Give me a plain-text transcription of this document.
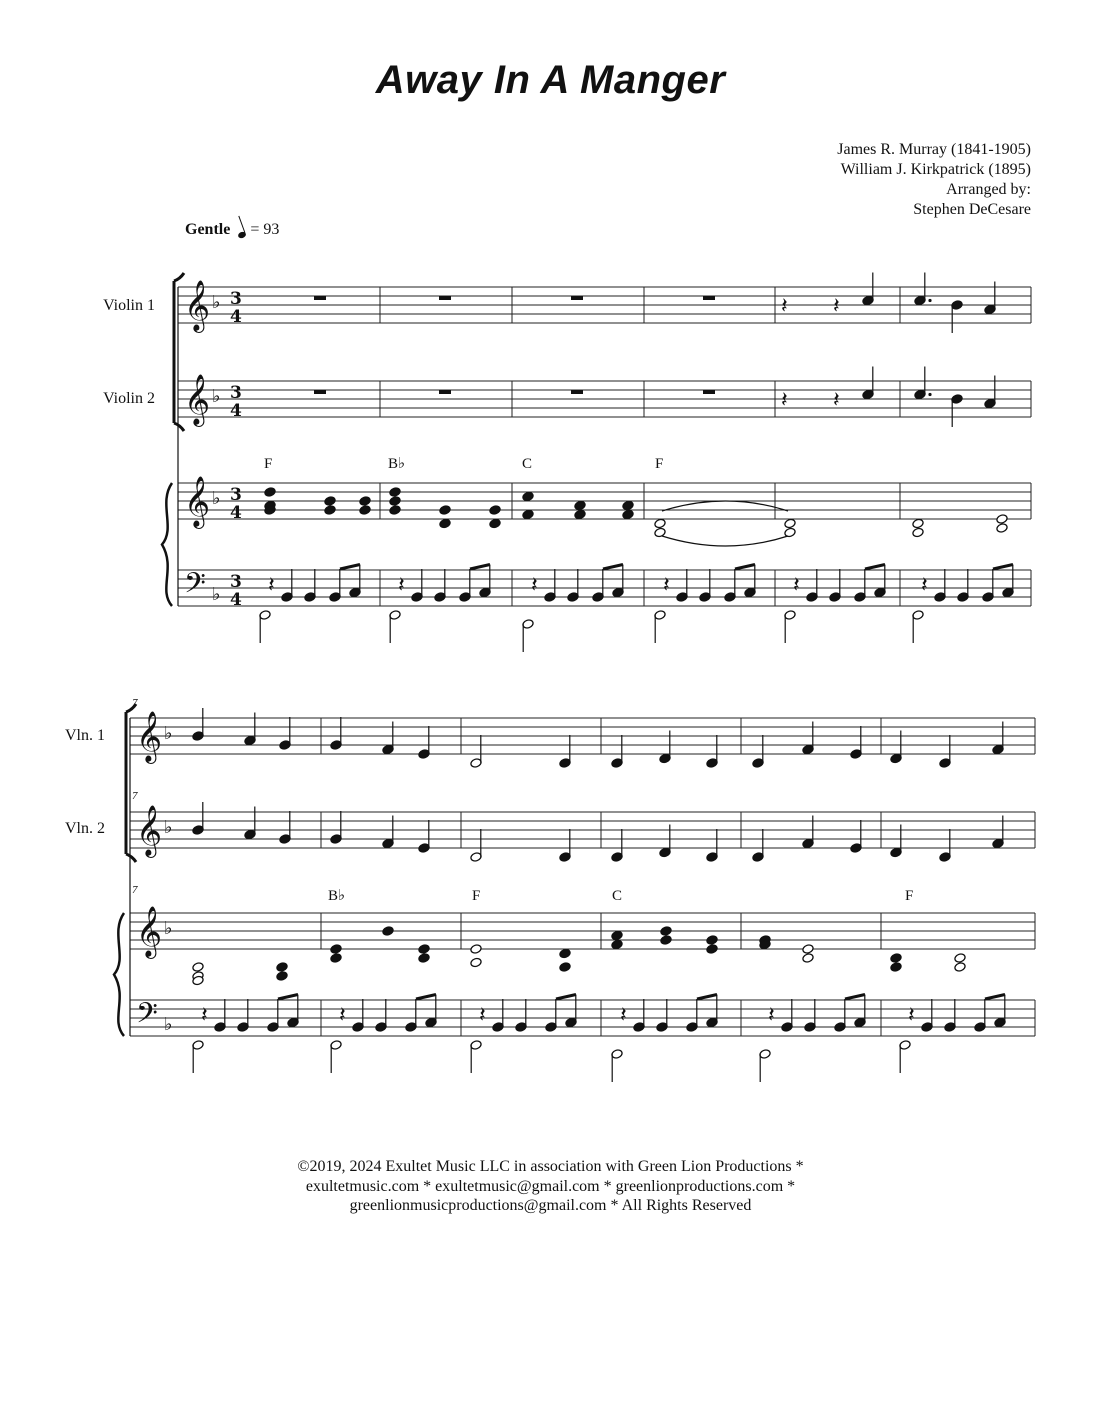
Away In A Manger
James R. Murray (1841-1905)
William J. Kirkpatrick (1895)
Arranged by:
Stephen DeCesare
Gentle = 93
Violin 1
Violin 2
Vln. 1
Vln. 2
7
7
7
F	B♭	C	F
B♭	F	C	F
𝄞 ♭ 3
4
𝄞 ♭ 3
4
𝄞 ♭ 3
4
𝄢 ♭
3
4
𝄽 𝄽
𝄽 𝄽
𝄽	𝄽	𝄽	𝄽	𝄽	𝄽
𝄞 ♭
𝄞 ♭
𝄞 ♭
𝄢 ♭ 𝄽	𝄽	𝄽	𝄽	𝄽	𝄽
©2019, 2024 Exultet Music LLC in association with Green Lion Productions *
exultetmusic.com * exultetmusic@gmail.com * greenlionproductions.com *
greenlionmusicproductions@gmail.com * All Rights Reserved
